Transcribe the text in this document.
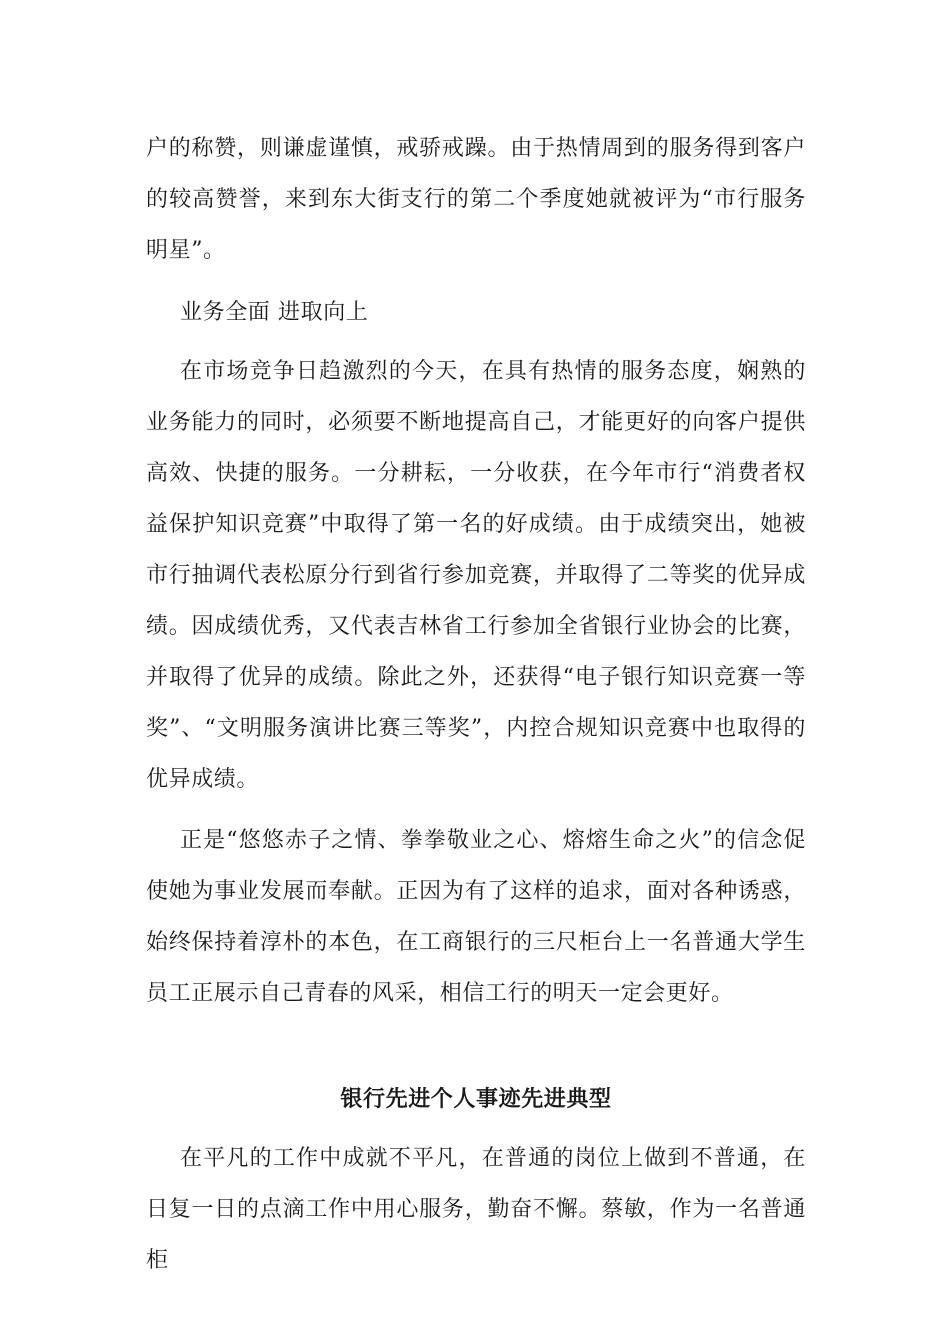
户的称赞，则谦虚谨慎，戒骄戒躁。由于热情周到的服务得到客户的较高赞誉，来到东大街支行的第二个季度她就被评为“市行服务明星”。

业务全面 进取向上

在市场竞争日趋激烈的今天，在具有热情的服务态度，娴熟的业务能力的同时，必须要不断地提高自己，才能更好的向客户提供高效、快捷的服务。一分耕耘，一分收获，在今年市行“消费者权益保护知识竞赛”中取得了第一名的好成绩。由于成绩突出，她被市行抽调代表松原分行到省行参加竞赛，并取得了二等奖的优异成绩。因成绩优秀，又代表吉林省工行参加全省银行业协会的比赛，并取得了优异的成绩。除此之外，还获得“电子银行知识竞赛一等奖”、“文明服务演讲比赛三等奖”，内控合规知识竞赛中也取得的优异成绩。

正是“悠悠赤子之情、拳拳敬业之心、熔熔生命之火”的信念促使她为事业发展而奉献。正因为有了这样的追求，面对各种诱惑，始终保持着淳朴的本色，在工商银行的三尺柜台上一名普通大学生员工正展示自己青春的风采，相信工行的明天一定会更好。

银行先进个人事迹先进典型

在平凡的工作中成就不平凡，在普通的岗位上做到不普通，在日复一日的点滴工作中用心服务，勤奋不懈。蔡敏，作为一名普通柜
